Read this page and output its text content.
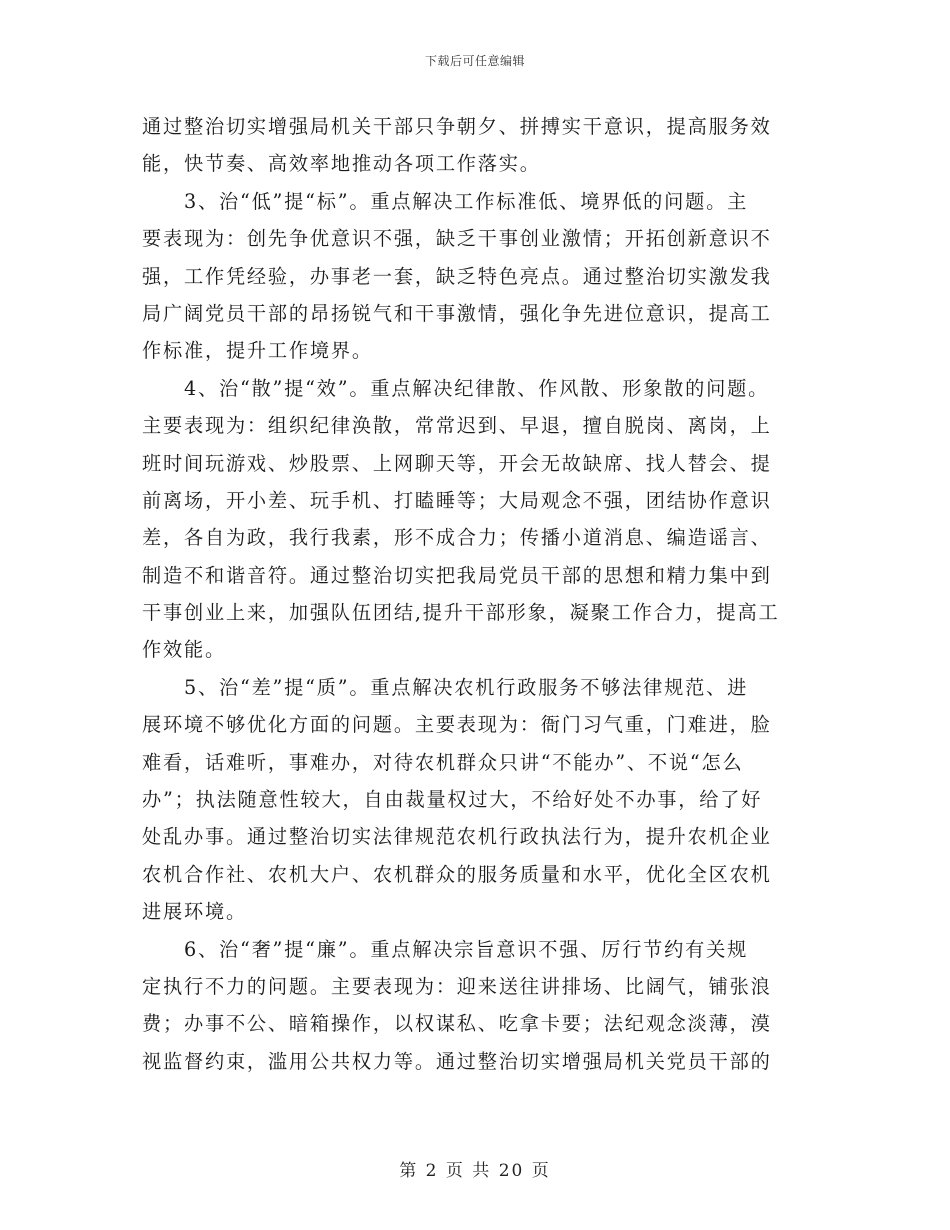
下载后可任意编辑
通过整治切实增强局机关干部只争朝夕、拼搏实干意识，提高服务效
能，快节奏、高效率地推动各项工作落实。
　　3、治“低”提“标”。重点解决工作标准低、境界低的问题。主
要表现为：创先争优意识不强，缺乏干事创业激情；开拓创新意识不
强，工作凭经验，办事老一套，缺乏特色亮点。通过整治切实激发我
局广阔党员干部的昂扬锐气和干事激情，强化争先进位意识，提高工
作标准，提升工作境界。
　　4、治“散”提“效”。重点解决纪律散、作风散、形象散的问题。
主要表现为：组织纪律涣散，常常迟到、早退，擅自脱岗、离岗，上
班时间玩游戏、炒股票、上网聊天等，开会无故缺席、找人替会、提
前离场，开小差、玩手机、打瞌睡等；大局观念不强，团结协作意识
差，各自为政，我行我素，形不成合力；传播小道消息、编造谣言、
制造不和谐音符。通过整治切实把我局党员干部的思想和精力集中到
干事创业上来，加强队伍团结,提升干部形象，凝聚工作合力，提高工
作效能。
　　5、治“差”提“质”。重点解决农机行政服务不够法律规范、进
展环境不够优化方面的问题。主要表现为：衙门习气重，门难进，脸
难看，话难听，事难办，对待农机群众只讲“不能办”、不说“怎么
办”；执法随意性较大，自由裁量权过大，不给好处不办事，给了好
处乱办事。通过整治切实法律规范农机行政执法行为，提升农机企业
农机合作社、农机大户、农机群众的服务质量和水平，优化全区农机
进展环境。
　　6、治“奢”提“廉”。重点解决宗旨意识不强、厉行节约有关规
定执行不力的问题。主要表现为：迎来送往讲排场、比阔气，铺张浪
费；办事不公、暗箱操作，以权谋私、吃拿卡要；法纪观念淡薄，漠
视监督约束，滥用公共权力等。通过整治切实增强局机关党员干部的
第 2 页 共 20 页
